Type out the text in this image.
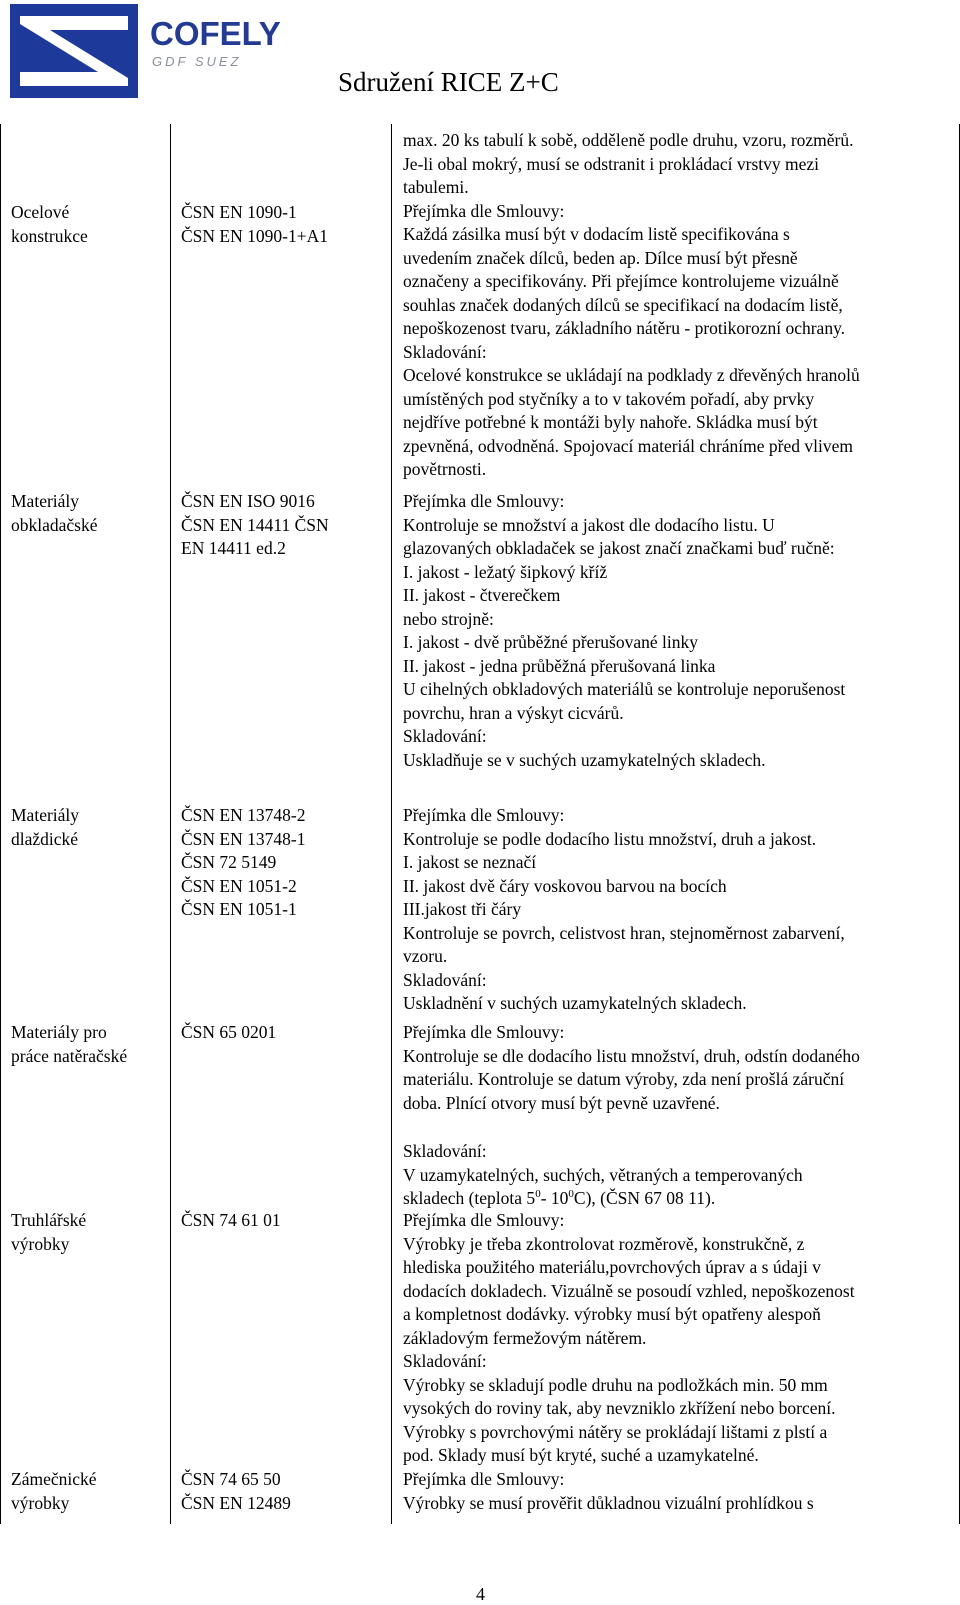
COFELY
GDF SUEZ
Sdružení RICE Z+C
Ocelové
konstrukce
ČSN EN 1090-1
ČSN EN 1090-1+A1
max. 20 ks tabulí k sobě, odděleně podle druhu, vzoru, rozměrů.
Je-li obal mokrý, musí se odstranit i prokládací vrstvy mezi
tabulemi.
Přejímka dle Smlouvy:
Každá zásilka musí být v dodacím listě specifikována s
uvedením značek dílců, beden ap. Dílce musí být přesně
označeny a specifikovány. Při přejímce kontrolujeme vizuálně
souhlas značek dodaných dílců se specifikací na dodacím listě,
nepoškozenost tvaru, základního nátěru - protikorozní ochrany.
Skladování:
Ocelové konstrukce se ukládají na podklady z dřevěných hranolů
umístěných pod styčníky a to v takovém pořadí, aby prvky
nejdříve potřebné k montáži byly nahoře. Skládka musí být
zpevněná, odvodněná. Spojovací materiál chráníme před vlivem
povětrnosti.
Materiály
obkladačské
ČSN EN ISO 9016
ČSN EN 14411 ČSN
EN 14411 ed.2
Přejímka dle Smlouvy:
Kontroluje se množství a jakost dle dodacího listu. U
glazovaných obkladaček se jakost značí značkami buď ručně:
I. jakost - ležatý šipkový kříž
II. jakost - čtverečkem
nebo strojně:
I. jakost - dvě průběžné přerušované linky
II. jakost - jedna průběžná přerušovaná linka
U cihelných obkladových materiálů se kontroluje neporušenost
povrchu, hran a výskyt cicvárů.
Skladování:
Uskladňuje se v suchých uzamykatelných skladech.
Materiály
dlaždické
ČSN EN 13748-2
ČSN EN 13748-1
ČSN 72 5149
ČSN EN 1051-2
ČSN EN 1051-1
Přejímka dle Smlouvy:
Kontroluje se podle dodacího listu množství, druh a jakost.
I. jakost se neznačí
II. jakost dvě čáry voskovou barvou na bocích
III.jakost tři čáry
Kontroluje se povrch, celistvost hran, stejnoměrnost zabarvení,
vzoru.
Skladování:
Uskladnění v suchých uzamykatelných skladech.
Materiály pro
práce natěračské
ČSN 65 0201	Přejímka dle Smlouvy:
Kontroluje se dle dodacího listu množství, druh, odstín dodaného
materiálu. Kontroluje se datum výroby, zda není prošlá záruční
doba. Plnící otvory musí být pevně uzavřené.
Skladování:
V uzamykatelných, suchých, větraných a temperovaných
skladech (teplota $5^0-$ $10^0C$), (ČSN 67 08 11).
Truhlářské
výrobky
ČSN 74 61 01	Přejímka dle Smlouvy:
Výrobky je třeba zkontrolovat rozměrově, konstrukčně, z
hlediska použitého materiálu,povrchových úprav a s údaji v
dodacích dokladech. Vizuálně se posoudí vzhled, nepoškozenost
a kompletnost dodávky. výrobky musí být opatřeny alespoň
základovým fermežovým nátěrem.
Skladování:
Výrobky se skladují podle druhu na podložkách min. 50 mm
vysokých do roviny tak, aby nevzniklo zkřížení nebo borcení.
Výrobky s povrchovými nátěry se prokládají lištami z plstí a
pod. Sklady musí být kryté, suché a uzamykatelné.
Zámečnické
výrobky
ČSN 74 65 50
ČSN EN 12489
Přejímka dle Smlouvy:
Výrobky se musí prověřit důkladnou vizuální prohlídkou s
4
